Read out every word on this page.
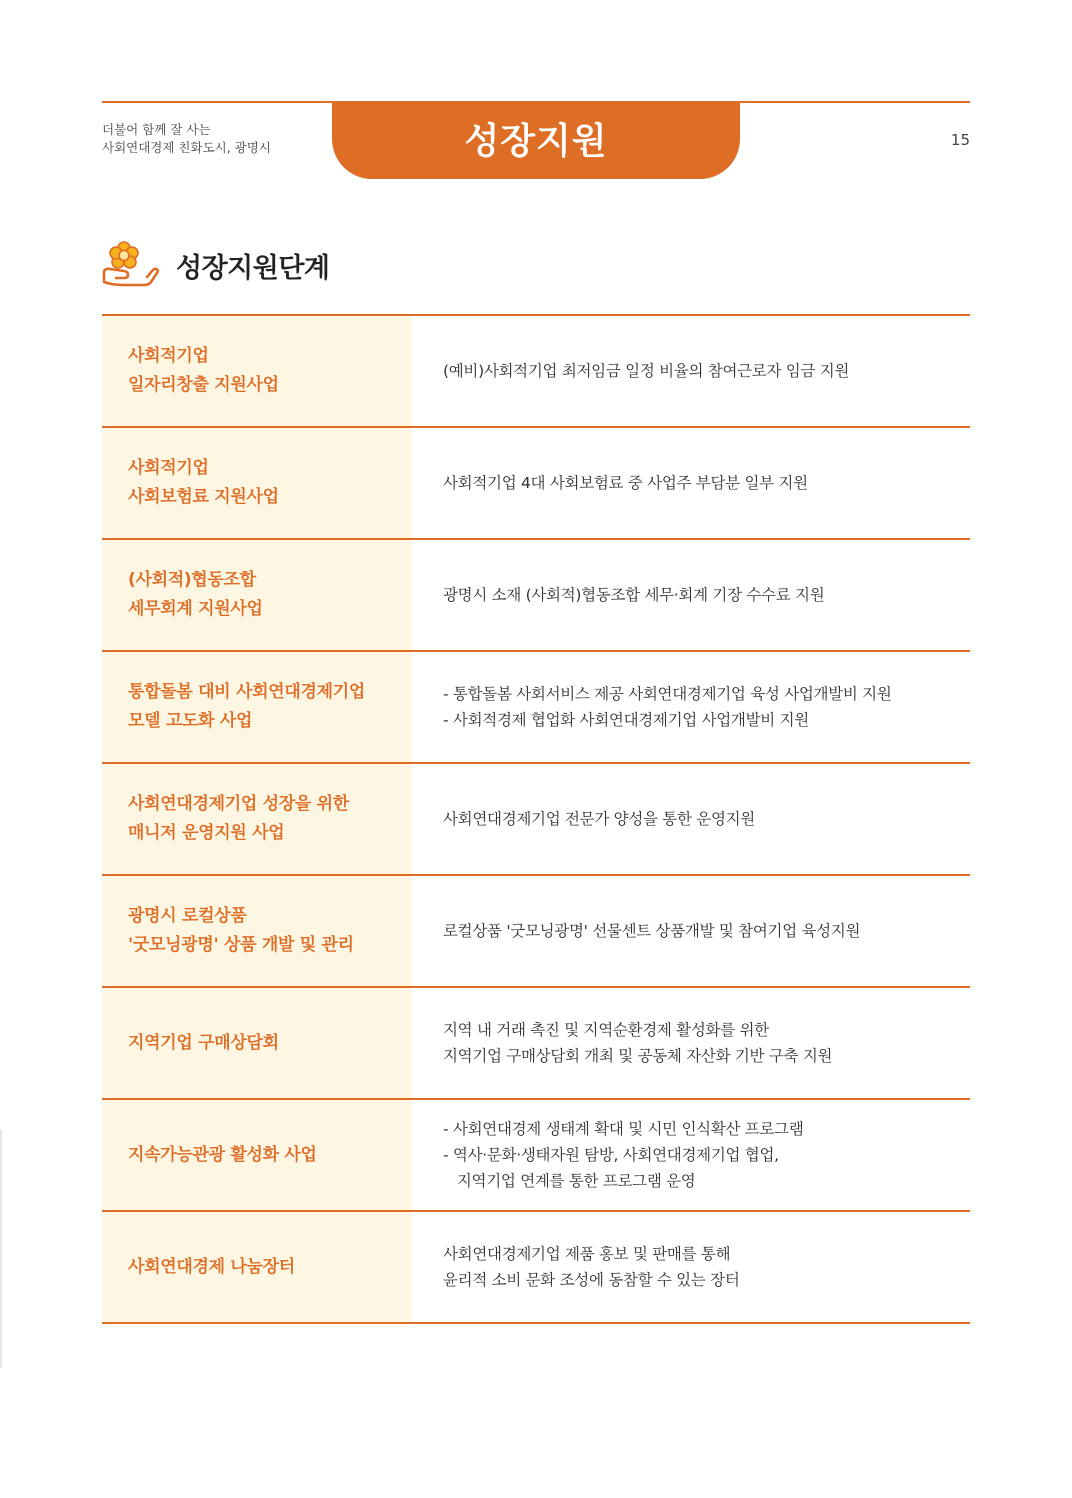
더불어 함께 잘 사는
사회연대경제 친화도시, 광명시	성장지원	15
성장지원단계
사회적기업
일자리창출 지원사업
(예비)사회적기업 최저임금 일정 비율의 참여근로자 임금 지원
사회적기업
사회보험료 지원사업
사회적기업 4대 사회보험료 중 사업주 부담분 일부 지원
(사회적)협동조합
세무회계 지원사업
광명시 소재 (사회적)협동조합 세무·회계 기장 수수료 지원
통합돌봄 대비 사회연대경제기업
모델 고도화 사업
- 통합돌봄 사회서비스 제공 사회연대경제기업 육성 사업개발비 지원
- 사회적경제 협업화 사회연대경제기업 사업개발비 지원
사회연대경제기업 성장을 위한
매니저 운영지원 사업
사회연대경제기업 전문가 양성을 통한 운영지원
광명시 로컬상품
'굿모닝광명' 상품 개발 및 관리
로컬상품 '굿모닝광명' 선물센트 상품개발 및 참여기업 육성지원
지역기업 구매상담회
지역 내 거래 촉진 및 지역순환경제 활성화를 위한
지역기업 구매상담회 개최 및 공동체 자산화 기반 구축 지원
지속가능관광 활성화 사업
- 사회연대경제 생태계 확대 및 시민 인식확산 프로그램
- 역사·문화·생태자원 탐방, 사회연대경제기업 협업,
지역기업 연계를 통한 프로그램 운영
사회연대경제 나눔장터
사회연대경제기업 제품 홍보 및 판매를 통해
윤리적 소비 문화 조성에 동참할 수 있는 장터
